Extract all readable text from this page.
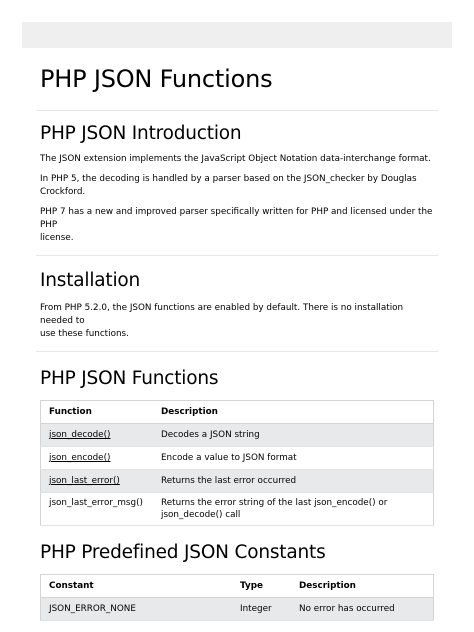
PHP JSON Functions
PHP JSON Introduction

The JSON extension implements the JavaScript Object Notation data-interchange format.

In PHP 5, the decoding is handled by a parser based on the JSON_checker by Douglas
Crockford.

PHP 7 has a new and improved parser specifically written for PHP and licensed under the PHP
license.

Installation

From PHP 5.2.0, the JSON functions are enabled by default. There is no installation needed to
use these functions.

PHP JSON Functions
Function	Description
json_decode()	Decodes a JSON string
json_encode()	Encode a value to JSON format
json_last_error()	Returns the last error occurred
json_last_error_msg()	Returns the error string of the last json_encode() or
json_decode() call
PHP Predefined JSON Constants
Constant	Type	Description
JSON_ERROR_NONE	Integer	No error has occurred
